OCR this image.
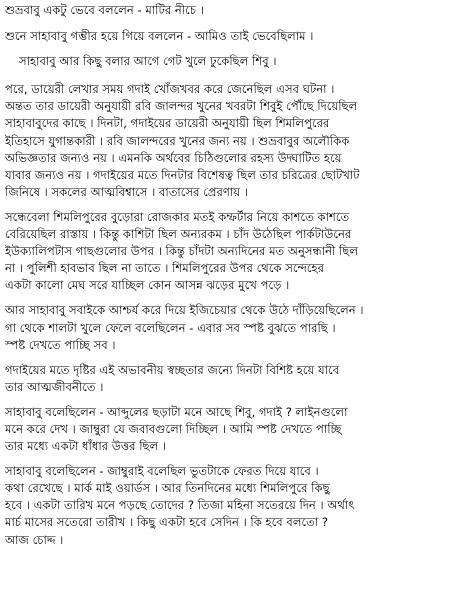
শুভ্রবাবু একটু ভেবে বললেন - মাটির নীচে ।
শুনে সাহাবাবু গম্ভীর হয়ে গিয়ে বললেন - আমিও তাই ভেবেছিলাম ।
সাহাবাবু আর কিছু বলার আগে গেট খুলে ঢুকেছিল শিবু ।
পরে, ডায়েরী লেখার সময় গদাই খোঁজখবর করে জেনেছিল এসব ঘটনা ।
অন্তত তার ডায়েরী অনুযায়ী রবি জালন্দর খুনের খবরটা শিবুই পৌঁছে দিয়েছিল
সাহাবাবুদের কাছে । দিনটা, গদাইয়ের ডায়েরী অনুযায়ী ছিল শিমলিপুরের
ইতিহাসে যুগান্তকারী । রবি জালন্দরের খুনের জন্য নয় । শুভ্রবাবুর অলৌকিক
অভিজ্ঞতার জন্যও নয় । এমনকি অর্থবের চিঠিগুলোর রহস্য উদ্ঘাটিত হয়ে
যাবার জন্যও নয় । গদাইয়ের মতে দিনটার বিশেষত্ব ছিল তার চরিত্রের ছোটখাট
জিনিষে । সকলের আত্মবিশ্বাসে । বাতাসের প্রেরণায় ।
সন্ধেবেলা শিমলিপুরের বুড়োরা রোজকার মতই কম্ফর্টার নিয়ে কাশতে কাশতে
বেরিয়েছিল রাস্তায় । কিন্তু কাশিটা ছিল অন্যরকম । চাঁদ উঠেছিল পার্কটাউনের
ইউক্যালিপটাস গাছগুলোর উপর । কিন্তু চাঁদটা অন্যদিনের মত অনুসন্ধানী ছিল
না । পুলিশী হাবভাব ছিল না তাতে । শিমলিপুরের উপর থেকে সন্দেহের
একটা কালো মেঘ সরে যাচ্ছিল কোন আসন্ন ঝড়ের মুখে পড়ে ।
আর সাহাবাবু সবাইকে আশ্চর্য করে দিয়ে ইজিচেয়ার থেকে উঠে দাঁড়িয়েছিলেন ।
গা থেকে শালটা খুলে ফেলে বলেছিলেন - এবার সব স্পষ্ট বুঝতে পারছি ।
স্পষ্ট দেখতে পাচ্ছি সব ।
গদাইয়ের মতে দৃষ্টির এই অভাবনীয় স্বচ্ছতার জন্যে দিনটা বিশিষ্ট হয়ে যাবে
তার আত্মজীবনীতে ।
সাহাবাবু বলেছিলেন - আব্দুলের ছড়াটা মনে আছে শিবু, গদাই ? লাইনগুলো
মনে করে দেখ । জাম্বুরা যে জবাবগুলো দিচ্ছিল । আমি স্পষ্ট দেখতে পাচ্ছি
তার মধ্যে একটা ধাঁধার উত্তর ছিল ।
সাহাবাবু বলেছিলেন - জাম্বুরাই বলেছিল ভুতটাকে ফেরত দিয়ে যাবে ।
কথা রেখেছে । মার্ক মাই ওয়ার্ডস । আর তিনদিনের মধ্যে শিমলিপুরে কিছু
হবে । একটা তারিখ মনে পড়ছে তোদের ? তিজা মহিনা সতেরয়ে দিন । অর্থাৎ
মার্চ মাসের সতেরো তারীখ । কিছু একটা হবে সেদিন । কি হবে বলতো ?
আজ চোদ্দ ।
